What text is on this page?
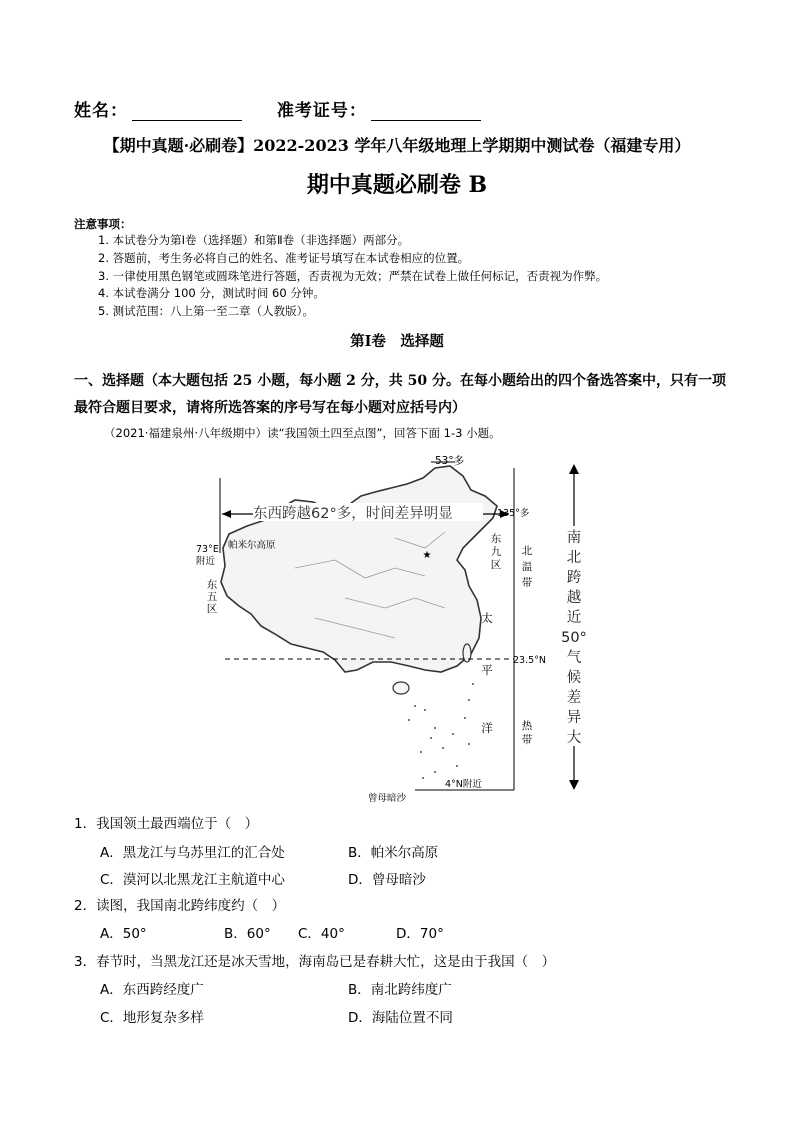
姓名：	准考证号：
【期中真题·必刷卷】2022-2023 学年八年级地理上学期期中测试卷（福建专用）
期中真题必刷卷 B
注意事项：
1. 本试卷分为第Ⅰ卷（选择题）和第Ⅱ卷（非选择题）两部分。
2. 答题前，考生务必将自己的姓名、准考证号填写在本试卷相应的位置。
3. 一律使用黑色钢笔或圆珠笔进行答题，否责视为无效；严禁在试卷上做任何标记，否责视为作弊。
4. 本试卷满分 100 分，测试时间 60 分钟。
5. 测试范围：八上第一至二章（人教版）。
第Ⅰ卷　选择题
一、选择题（本大题包括 25 小题，每小题 2 分，共 50 分。在每小题给出的四个备选答案中，只有一项最符合题目要求，请将所选答案的序号写在每小题对应括号内）
（2021·福建泉州·八年级期中）读“我国领土四至点图”，回答下面 1-3 小题。
★
东西跨越62°多，时间差异明显
南
北
跨
越
近
50°
气
候
差
异
大
53°多
135°多
73°E
附近
帕米尔高原
东
九
区
东
五
区
北
温
带
太
平
洋	热
带
23.5°N
4°N附近
曾母暗沙
1．我国领土最西端位于（　）
A．黑龙江与乌苏里江的汇合处	B．帕米尔高原
C．漠河以北黑龙江主航道中心	D．曾母暗沙
2．读图，我国南北跨纬度约（　）
A．50°	B．60° C．40°	D．70°
3．春节时，当黑龙江还是冰天雪地，海南岛已是春耕大忙，这是由于我国（　）
A．东西跨经度广	B．南北跨纬度广
C．地形复杂多样	D．海陆位置不同
